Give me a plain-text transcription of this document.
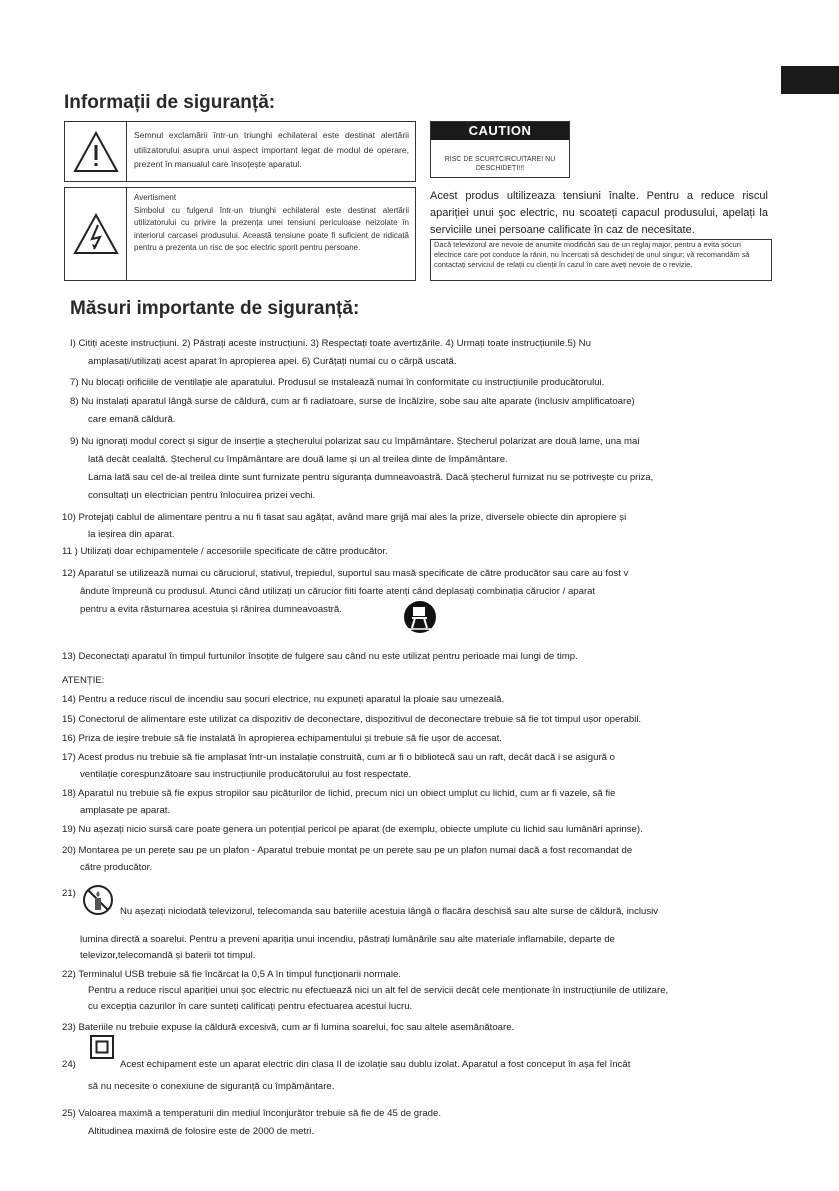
Informații de siguranță:
Semnul exclamării într-un triunghi echilateral este destinat alertării utilizatorului asupra unui aspect important legat de modul de operare, prezent în manualul care însoțește aparatul.
Avertisment
Simbolul cu fulgerul într-un triunghi echilateral este destinat alertării utilizatorului cu privire la prezența unei tensiuni periculoase neizolate în interiorul carcasei produsului. Această tensiune poate fi suficient de ridicată pentru a prezenta un risc de șoc electric sporit pentru persoane.
CAUTION
RISC DE SCURTCIRCUITARE! NU DESCHIDEȚI!!!
Acest produs ultilizeaza tensiuni înalte. Pentru a reduce riscul apariției unui șoc electric, nu scoateți capacul produsului, apelați la serviciile unei persoane calificate în caz de necesitate.
Dacă televizorul are nevoie de anumite modificări sau de un reglaj major, pentru a evita șocuri electrice care pot conduce la răniri, nu încercați să deschideți de unul singur; vă recomandăm să contactați serviciul de relații cu clienții în cazul în care aveți nevoie de o revizie.
Măsuri importante de siguranță:
I) Citiți aceste instrucțiuni. 2) Păstrați aceste instrucțiuni. 3) Respectați toate avertizările. 4) Urmați toate instrucțiunile.5) Nu
amplasați/utilizați acest aparat în apropierea apei. 6) Curățați numai cu o cârpă uscată.
7) Nu blocați orificiile de ventilație ale aparatului. Produsul se instalează numai în conformitate cu instrucțiunile producătorului.
8) Nu instalați aparatul lângă surse de căldură, cum ar fi radiatoare, surse de încălzire, sobe sau alte aparate (inclusiv amplificatoare)
care emană căldură.
9) Nu ignorați modul corect și sigur de inserție a ștecherului polarizat sau cu împământare. Ștecherul polarizat are două lame, una mai
lată decât cealaltă. Ștecherul cu împământare are două lame și un al treilea dinte de împământare.
Lama lată sau cel de-al treilea dinte sunt furnizate pentru siguranța dumneavoastră. Dacă ștecherul furnizat nu se potrivește cu priza,
consultați un electrician pentru înlocuirea prizei vechi.
10) Protejați cablul de alimentare pentru a nu fi tasat sau agățat, având mare grijă mai ales la prize, diversele obiecte din apropiere și
la ieșirea din aparat.
11 ) Utilizați doar echipamentele / accesoriile specificate de către producător.
12) Aparatul se utilizează numai cu căruciorul, stativul, trepiedul, suportul sau masă specificate de către producător sau care au fost v
ândute împreună cu produsul. Atunci când utilizați un cărucior fiiti foarte atenți când deplasați combinația cărucior / aparat
pentru a evita răsturnarea acestuia și rănirea dumneavoastră.
13) Deconectați aparatul în timpul furtunilor însoțite de fulgere sau când nu este utilizat pentru perioade mai lungi de timp.
ATENȚIE:
14) Pentru a reduce riscul de incendiu sau șocuri electrice, nu expuneți aparatul la ploaie sau umezeală.
15) Conectorul de alimentare este utilizat ca dispozitiv de deconectare, dispozitivul de deconectare trebuie să fie tot timpul ușor operabil.
16) Priza de ieșire trebuie să fie instalată în apropierea echipamentului și trebuie să fie ușor de accesat.
17) Acest produs nu trebuie să fie amplasat într-un instalație construită, cum ar fi o bibliotecă sau un raft, decât dacă i se asigură o
ventilație corespunzătoare sau instrucțiunile producătorului au fost respectate.
18) Aparatul nu trebuie să fie expus stropilor sau picăturilor de lichid, precum nici un obiect umplut cu lichid, cum ar fi vazele, să fie
amplasate pe aparat.
19) Nu așezați nicio sursă care poate genera un potențial pericol pe aparat (de exemplu, obiecte umplute cu lichid sau lumânări aprinse).
20) Montarea pe un perete sau pe un plafon - Aparatul trebuie montat pe un perete sau pe un plafon numai dacă a fost recomandat de
către producător.
21)
Nu așezați niciodată televizorul, telecomanda sau bateriile acestuia lângă o flacăra deschisă sau alte surse de căldură, inclusiv
lumina directă a soarelui. Pentru a preveni apariția unui incendiu, păstrați lumânările sau alte materiale inflamabile, departe de
televizor,telecomandă și baterii tot timpul.
22) Terminalul USB trebuie să fie încărcat la 0,5 A în timpul funcționarii normale.
Pentru a reduce riscul apariției unui șoc electric nu efectuează nici un alt fel de servicii decât cele menționate în instrucțiunile de utilizare,
cu excepția cazurilor în care sunteți calificați pentru efectuarea acestui lucru.
23) Bateriile nu trebuie expuse la căldură excesivă, cum ar fi lumina soarelui, foc sau altele asemănătoare.
24)	Acest echipament este un aparat electric din clasa II de izolație sau dublu izolat. Aparatul a fost conceput în așa fel încât
să nu necesite o conexiune de siguranță cu împământare.
25) Valoarea maximă a temperaturii din mediul înconjurător trebuie să fie de 45 de grade.
Altitudinea maximă de folosire este de 2000 de metri.
